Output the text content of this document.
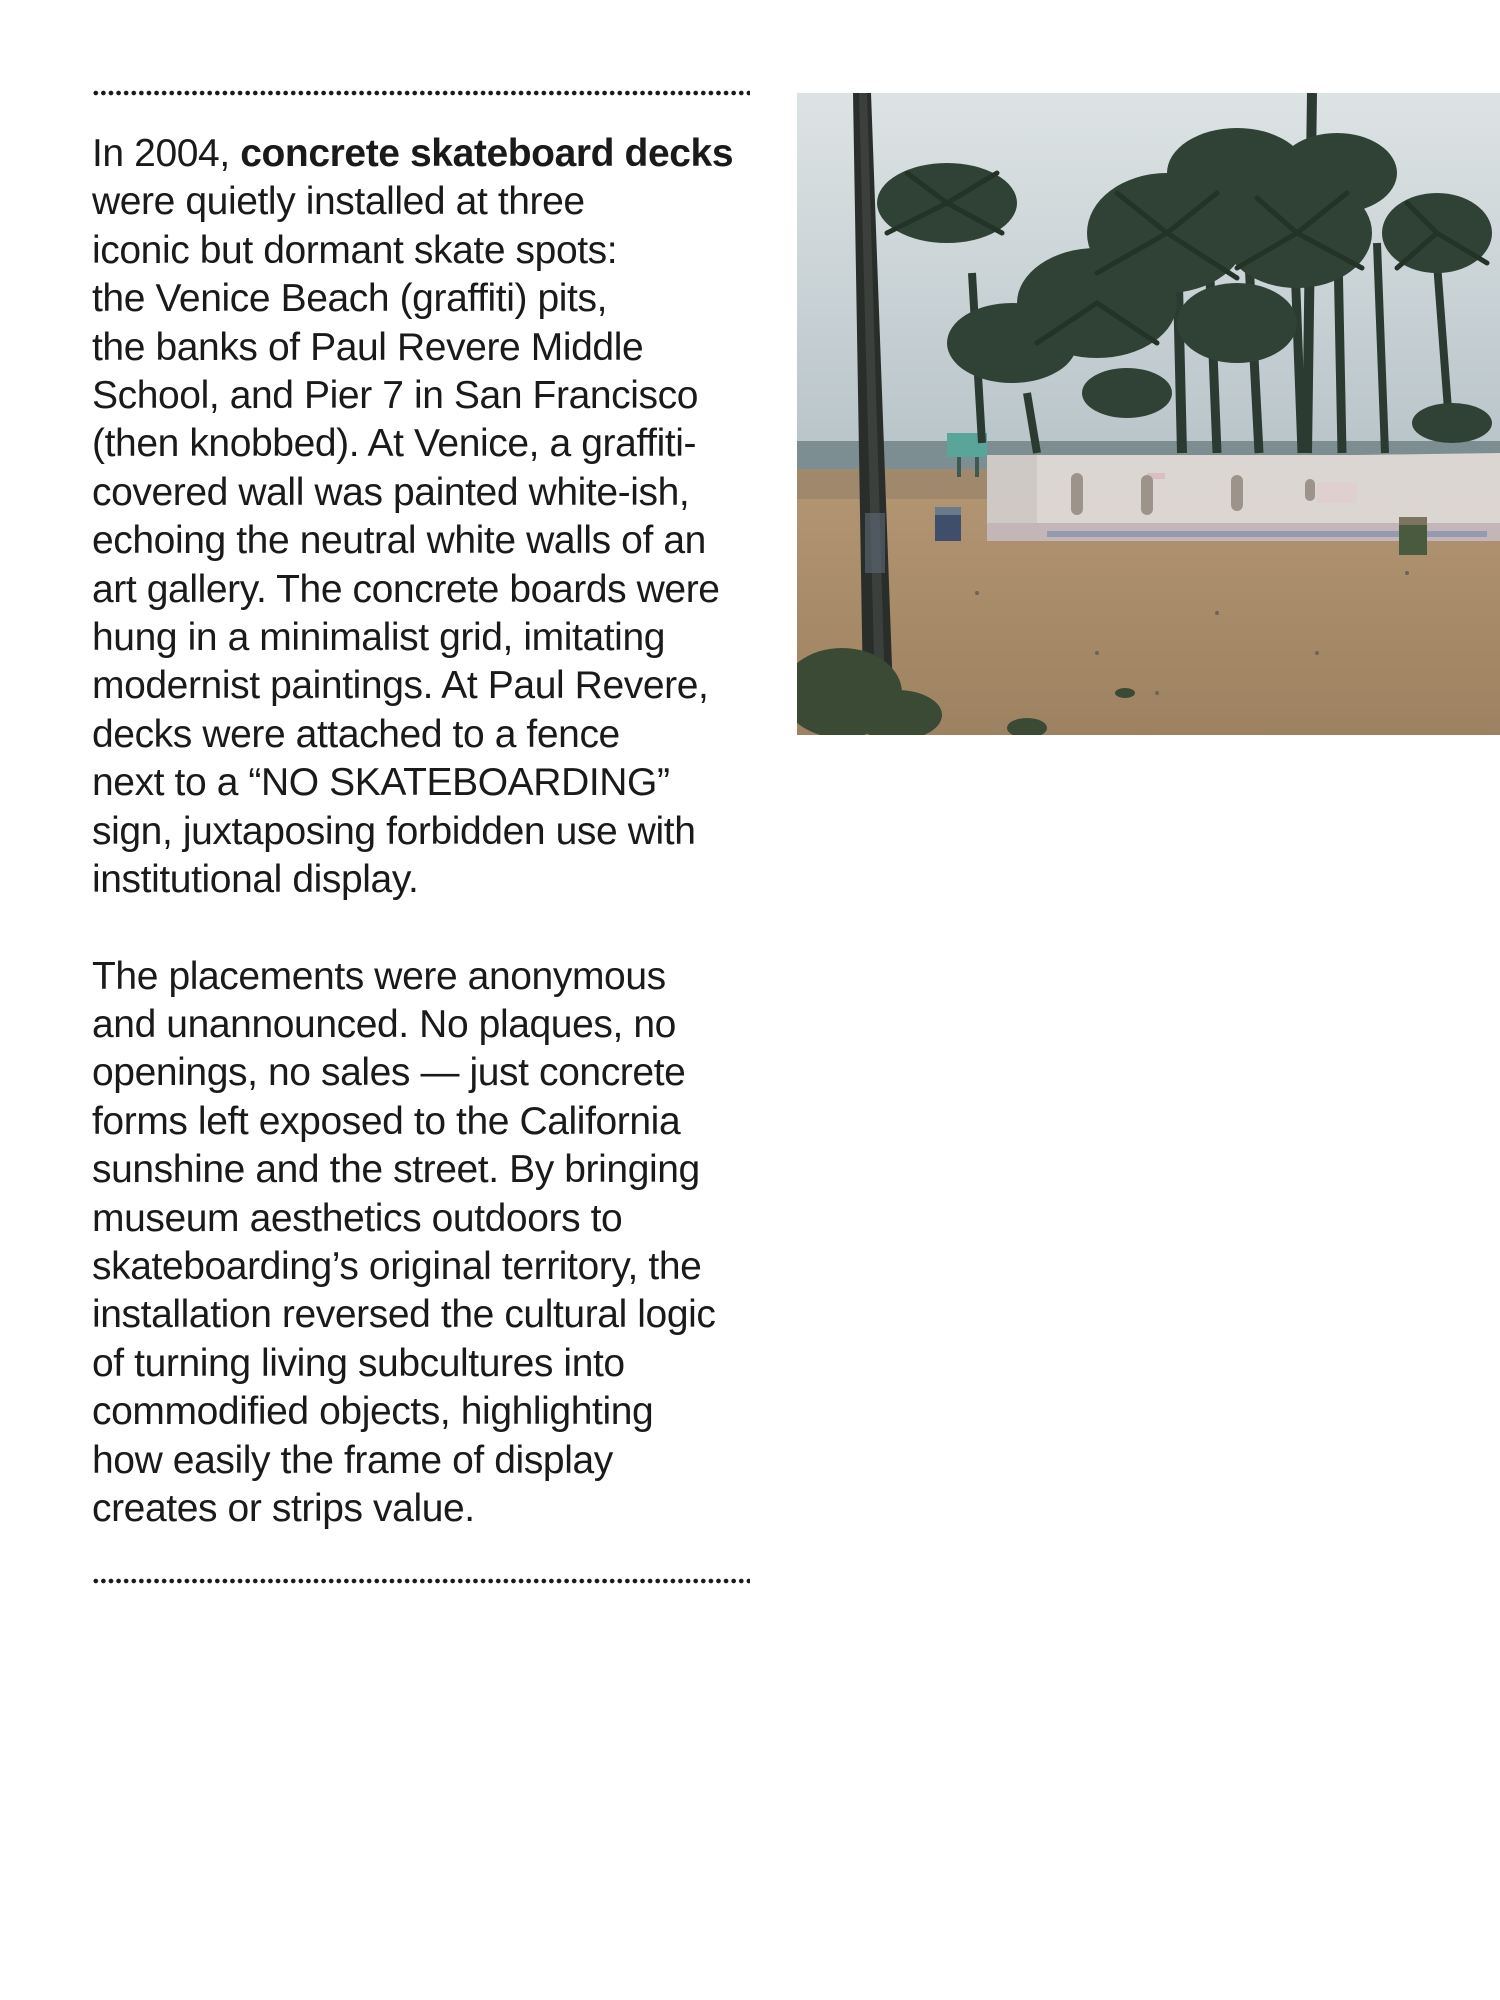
In 2004, concrete skateboard decks were quietly installed at three
iconic but dormant skate spots:
the Venice Beach (graffiti) pits,
the banks of Paul Revere Middle
School, and Pier 7 in San Francisco
(then knobbed). At Venice, a graffiti-
covered wall was painted white-ish,
echoing the neutral white walls of an
art gallery. The concrete boards were
hung in a minimalist grid, imitating
modernist paintings. At Paul Revere,
decks were attached to a fence
next to a “NO SKATEBOARDING”
sign, juxtaposing forbidden use with
institutional display.

The placements were anonymous
and unannounced. No plaques, no
openings, no sales — just concrete
forms left exposed to the California
sunshine and the street. By bringing
museum aesthetics outdoors to
skateboarding’s original territory, the
installation reversed the cultural logic
of turning living subcultures into
commodified objects, highlighting
how easily the frame of display
creates or strips value.
